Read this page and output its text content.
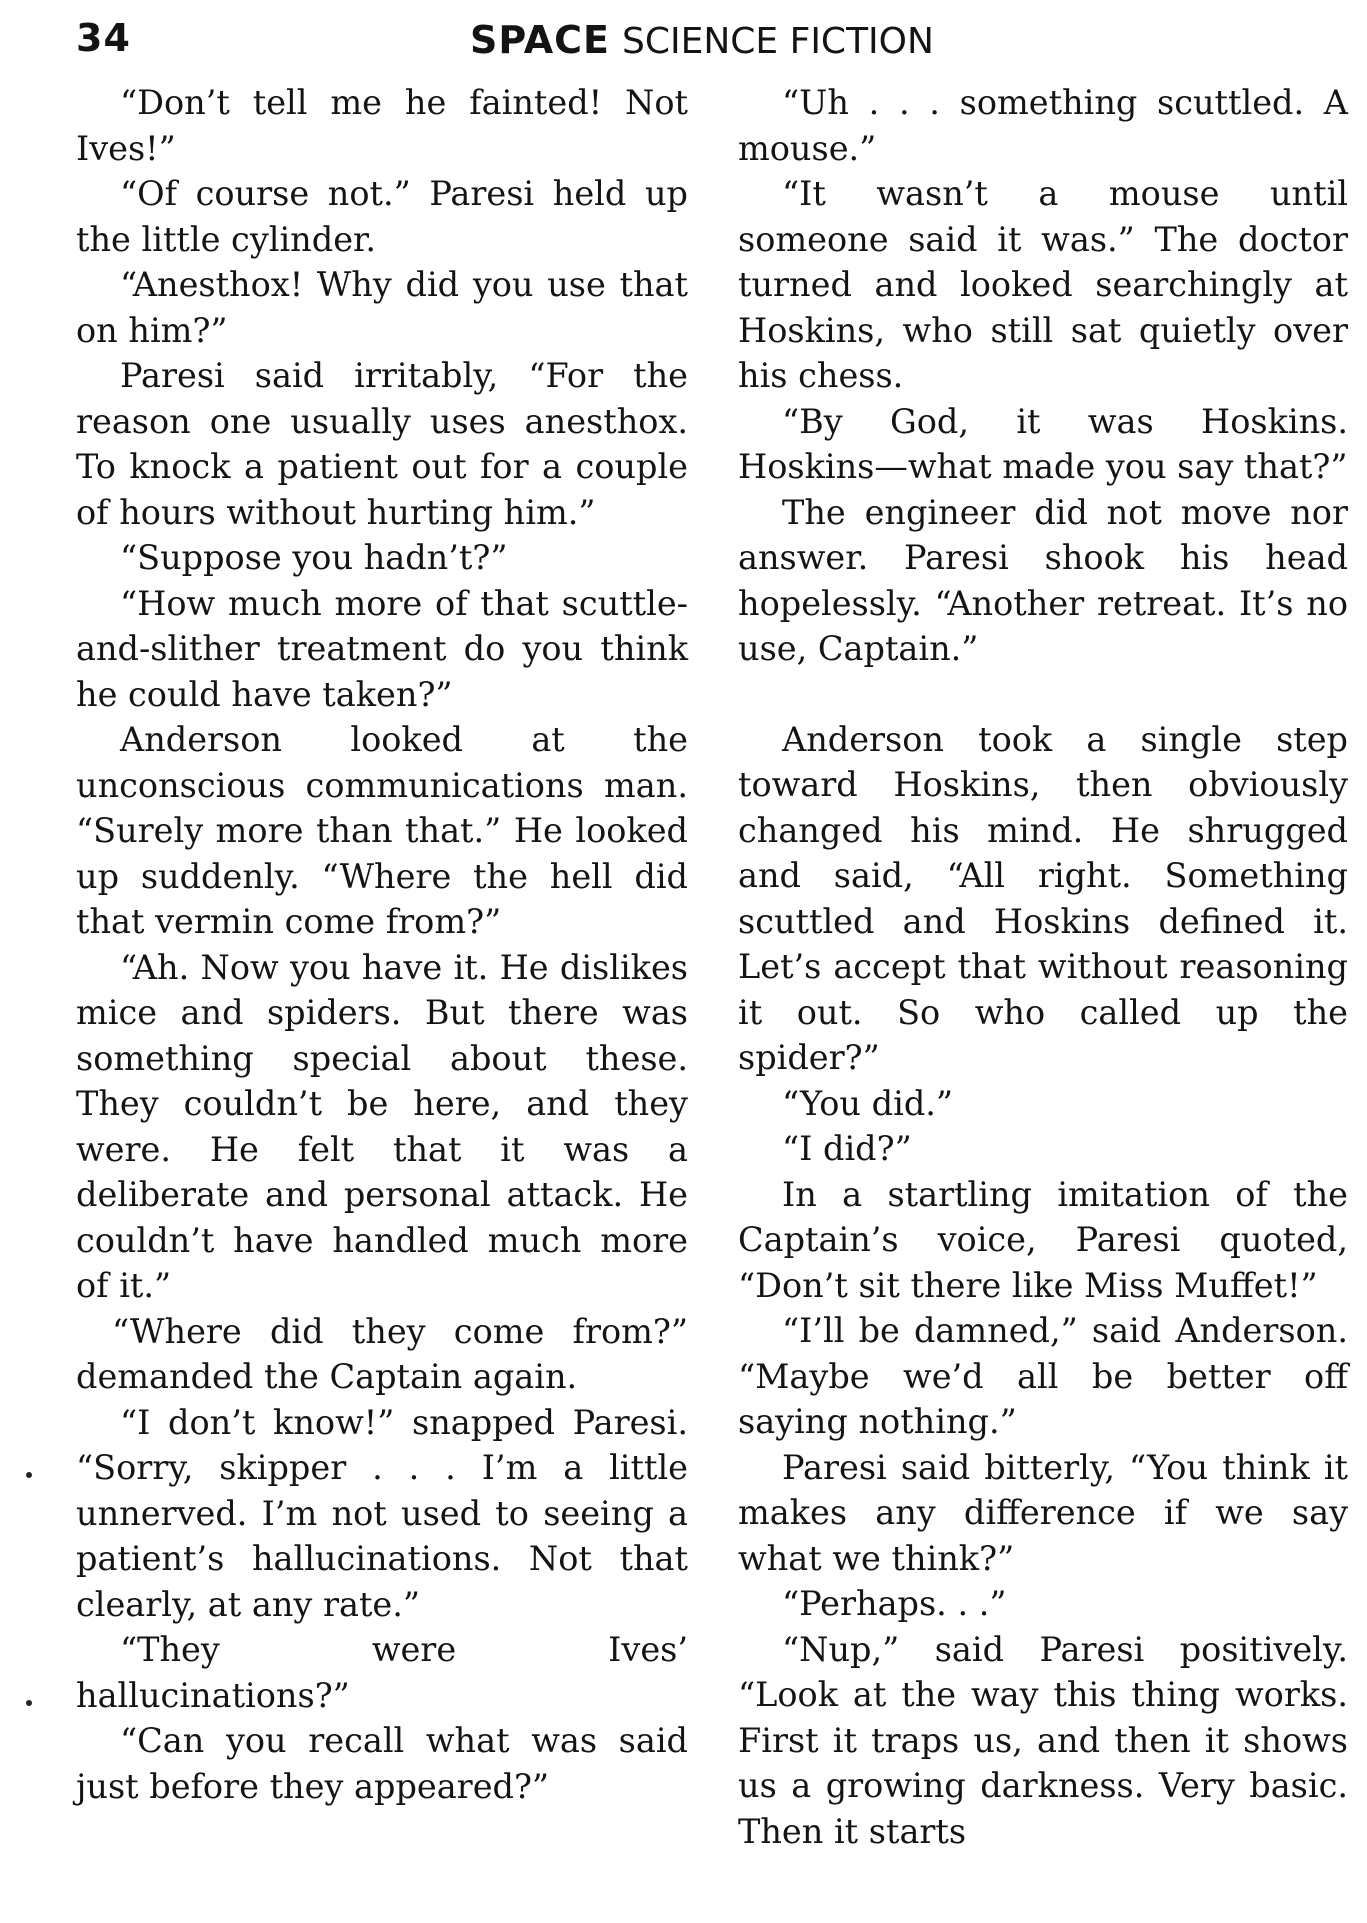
34	SPACE SCIENCE FICTION

“Don’t tell me he fainted! Not Ives!”

“Of course not.” Paresi held up the little cylinder.

“Anesthox! Why did you use that on him?”

Paresi said irritably, “For the reason one usually uses anesthox. To knock a patient out for a couple of hours without hurting him.”

“Suppose you hadn’t?”

“How much more of that scuttle-and-slither treatment do you think he could have taken?”

Anderson looked at the unconscious communications man. “Surely more than that.” He looked up suddenly. “Where the hell did that vermin come from?”

“Ah. Now you have it. He dislikes mice and spiders. But there was something special about these. They couldn’t be here, and they were. He felt that it was a deliberate and personal attack. He couldn’t have handled much more of it.”

“Where did they come from?” demanded the Captain again.

“I don’t know!” snapped Paresi. “Sorry, skipper . . . I’m a little unnerved. I’m not used to seeing a patient’s hallucinations. Not that clearly, at any rate.”

“They were Ives’ hallucinations?”

“Can you recall what was said just before they appeared?”

“Uh . . . something scuttled. A mouse.”

“It wasn’t a mouse until someone said it was.” The doctor turned and looked searchingly at Hoskins, who still sat quietly over his chess.

“By God, it was Hoskins. Hoskins—what made you say that?”

The engineer did not move nor answer. Paresi shook his head hopelessly. “Another retreat. It’s no use, Captain.”

Anderson took a single step toward Hoskins, then obviously changed his mind. He shrugged and said, “All right. Something scuttled and Hoskins defined it. Let’s accept that without reasoning it out. So who called up the spider?”

“You did.”

“I did?”

In a startling imitation of the Captain’s voice, Paresi quoted, “Don’t sit there like Miss Muffet!”

“I’ll be damned,” said Anderson. “Maybe we’d all be better off saying nothing.”

Paresi said bitterly, “You think it makes any difference if we say what we think?”

“Perhaps. . .”

“Nup,” said Paresi positively. “Look at the way this thing works. First it traps us, and then it shows us a growing darkness. Very basic. Then it starts
